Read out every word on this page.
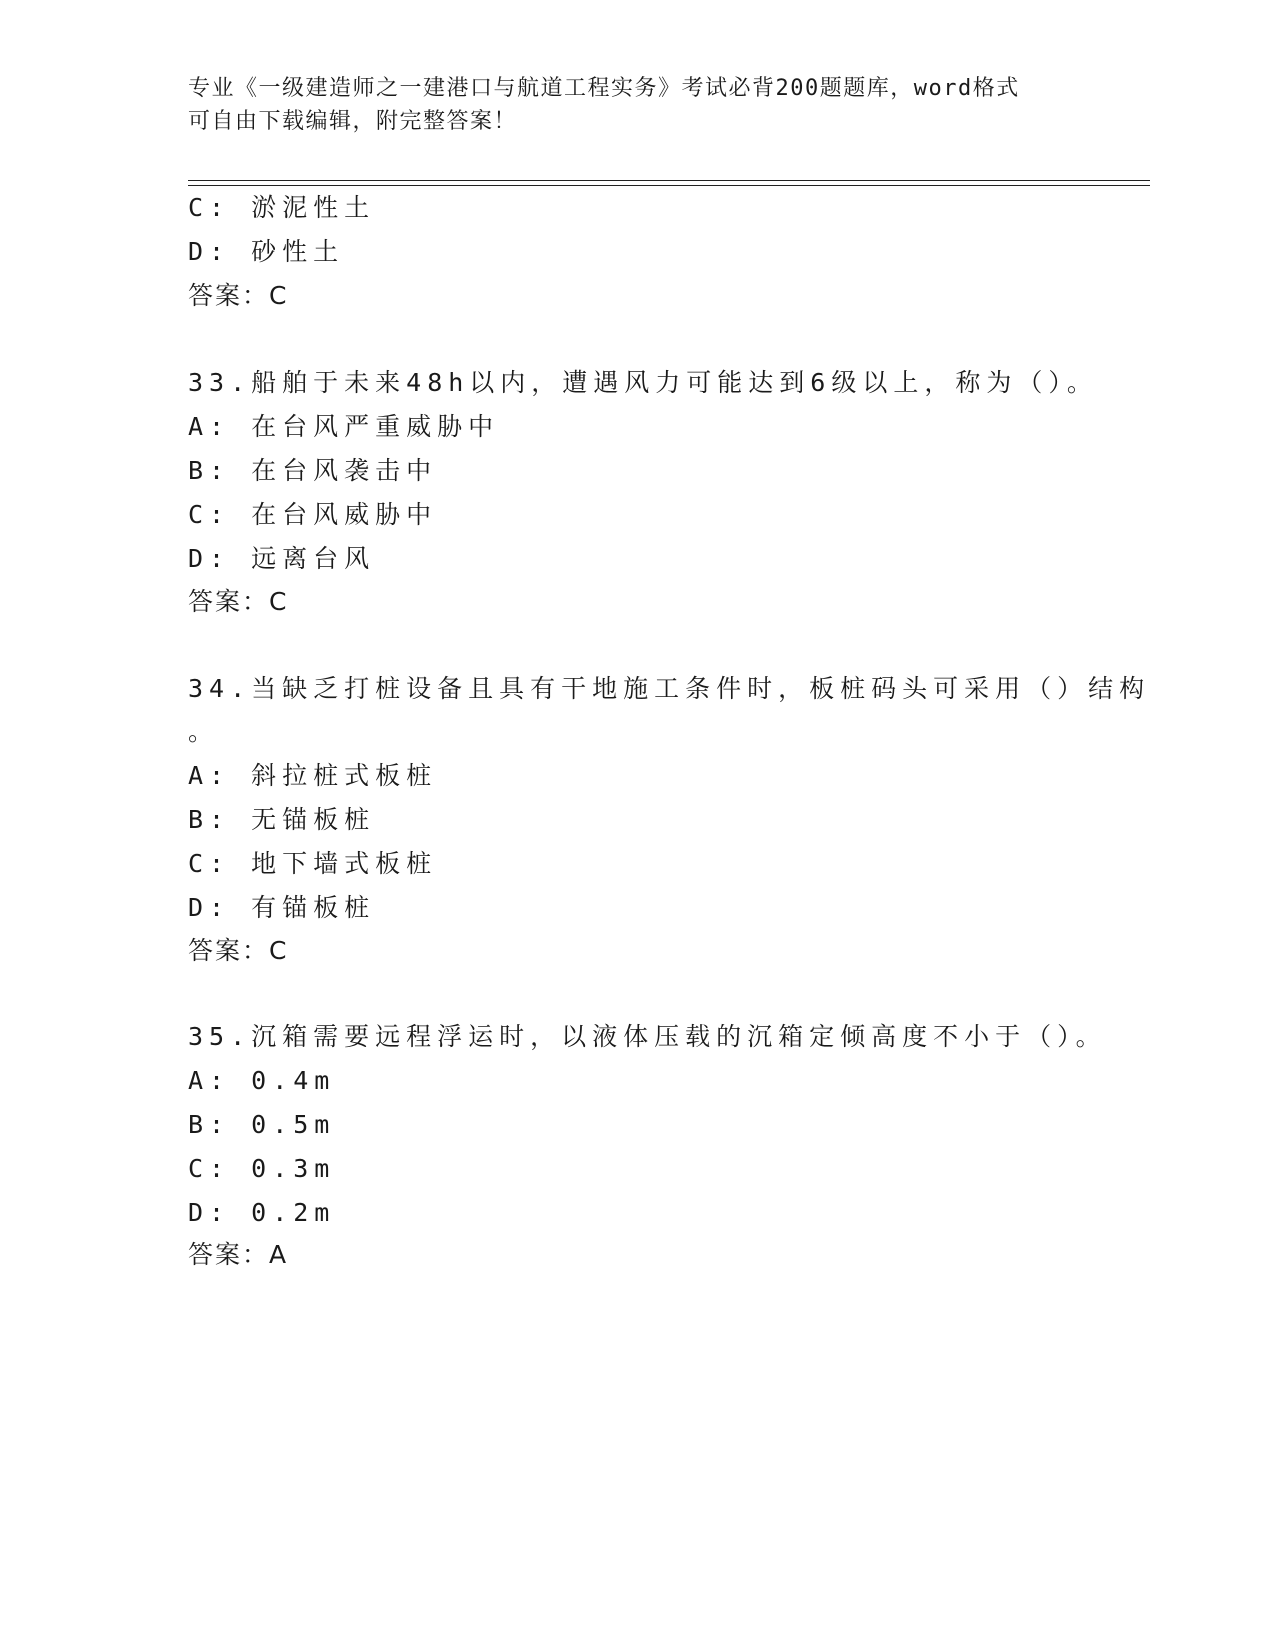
专业《一级建造师之一建港口与航道工程实务》考试必背200题题库，word格式
可自由下载编辑，附完整答案！
C: 淤泥性土
D: 砂性土
答案：C
33.船舶于未来48h以内，遭遇风力可能达到6级以上，称为（）。
A: 在台风严重威胁中
B: 在台风袭击中
C: 在台风威胁中
D: 远离台风
答案：C
34.当缺乏打桩设备且具有干地施工条件时，板桩码头可采用（）结构
。
A: 斜拉桩式板桩
B: 无锚板桩
C: 地下墙式板桩
D: 有锚板桩
答案：C
35.沉箱需要远程浮运时，以液体压载的沉箱定倾高度不小于（）。
A: 0.4m
B: 0.5m
C: 0.3m
D: 0.2m
答案：A
